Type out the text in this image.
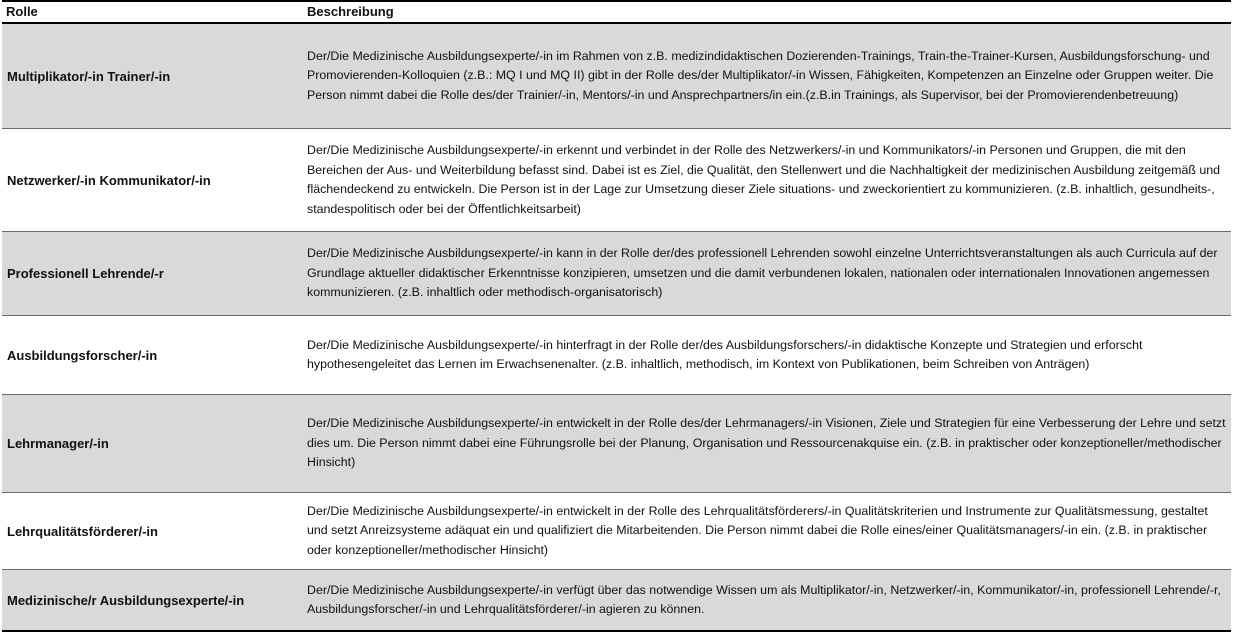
Rolle	Beschreibung
Multiplikator/-in Trainer/-in
Der/Die Medizinische Ausbildungsexperte/-in im Rahmen von z.B. medizindidaktischen Dozierenden-Trainings, Train-the-Trainer-Kursen, Ausbildungsforschung- und Promovierenden-Kolloquien (z.B.: MQ I und MQ II) gibt in der Rolle des/der Multiplikator/-in Wissen, Fähigkeiten, Kompetenzen an Einzelne oder Gruppen weiter. Die Person nimmt dabei die Rolle des/der Trainier/-in, Mentors/-in und Ansprechpartners/in ein.(z.B.in Trainings, als Supervisor, bei der Promovierendenbetreuung)
Netzwerker/-in Kommunikator/-in
Der/Die Medizinische Ausbildungsexperte/-in erkennt und verbindet in der Rolle des Netzwerkers/-in und Kommunikators/-in Personen und Gruppen, die mit den Bereichen der Aus- und Weiterbildung befasst sind. Dabei ist es Ziel, die Qualität, den Stellenwert und die Nachhaltigkeit der medizinischen Ausbildung zeitgemäß und flächendeckend zu entwickeln. Die Person ist in der Lage zur Umsetzung dieser Ziele situations- und zweckorientiert zu kommunizieren. (z.B. inhaltlich, gesundheits-, standespolitisch oder bei der Öffentlichkeitsarbeit)
Professionell Lehrende/-r
Der/Die Medizinische Ausbildungsexperte/-in kann in der Rolle der/des professionell Lehrenden sowohl einzelne Unterrichtsveranstaltungen als auch Curricula auf der Grundlage aktueller didaktischer Erkenntnisse konzipieren, umsetzen und die damit verbundenen lokalen, nationalen oder internationalen Innovationen angemessen kommunizieren. (z.B. inhaltlich oder methodisch-organisatorisch)
Ausbildungsforscher/-in
Der/Die Medizinische Ausbildungsexperte/-in hinterfragt in der Rolle der/des Ausbildungsforschers/-in didaktische Konzepte und Strategien und erforscht hypothesengeleitet das Lernen im Erwachsenenalter. (z.B. inhaltlich, methodisch, im Kontext von Publikationen, beim Schreiben von Anträgen)
Lehrmanager/-in
Der/Die Medizinische Ausbildungsexperte/-in entwickelt in der Rolle des/der Lehrmanagers/-in Visionen, Ziele und Strategien für eine Verbesserung der Lehre und setzt dies um. Die Person nimmt dabei eine Führungsrolle bei der Planung, Organisation und Ressourcenakquise ein. (z.B. in praktischer oder konzeptioneller/methodischer Hinsicht)
Lehrqualitätsförderer/-in
Der/Die Medizinische Ausbildungsexperte/-in entwickelt in der Rolle des Lehrqualitätsförderers/-in Qualitätskriterien und Instrumente zur Qualitätsmessung, gestaltet und setzt Anreizsysteme adäquat ein und qualifiziert die Mitarbeitenden. Die Person nimmt dabei die Rolle eines/einer Qualitätsmanagers/-in ein. (z.B. in praktischer oder konzeptioneller/methodischer Hinsicht)
Medizinische/r Ausbildungsexperte/-in
Der/Die Medizinische Ausbildungsexperte/-in verfügt über das notwendige Wissen um als Multiplikator/-in, Netzwerker/-in, Kommunikator/-in, professionell Lehrende/-r, Ausbildungsforscher/-in und Lehrqualitätsförderer/-in agieren zu können.
